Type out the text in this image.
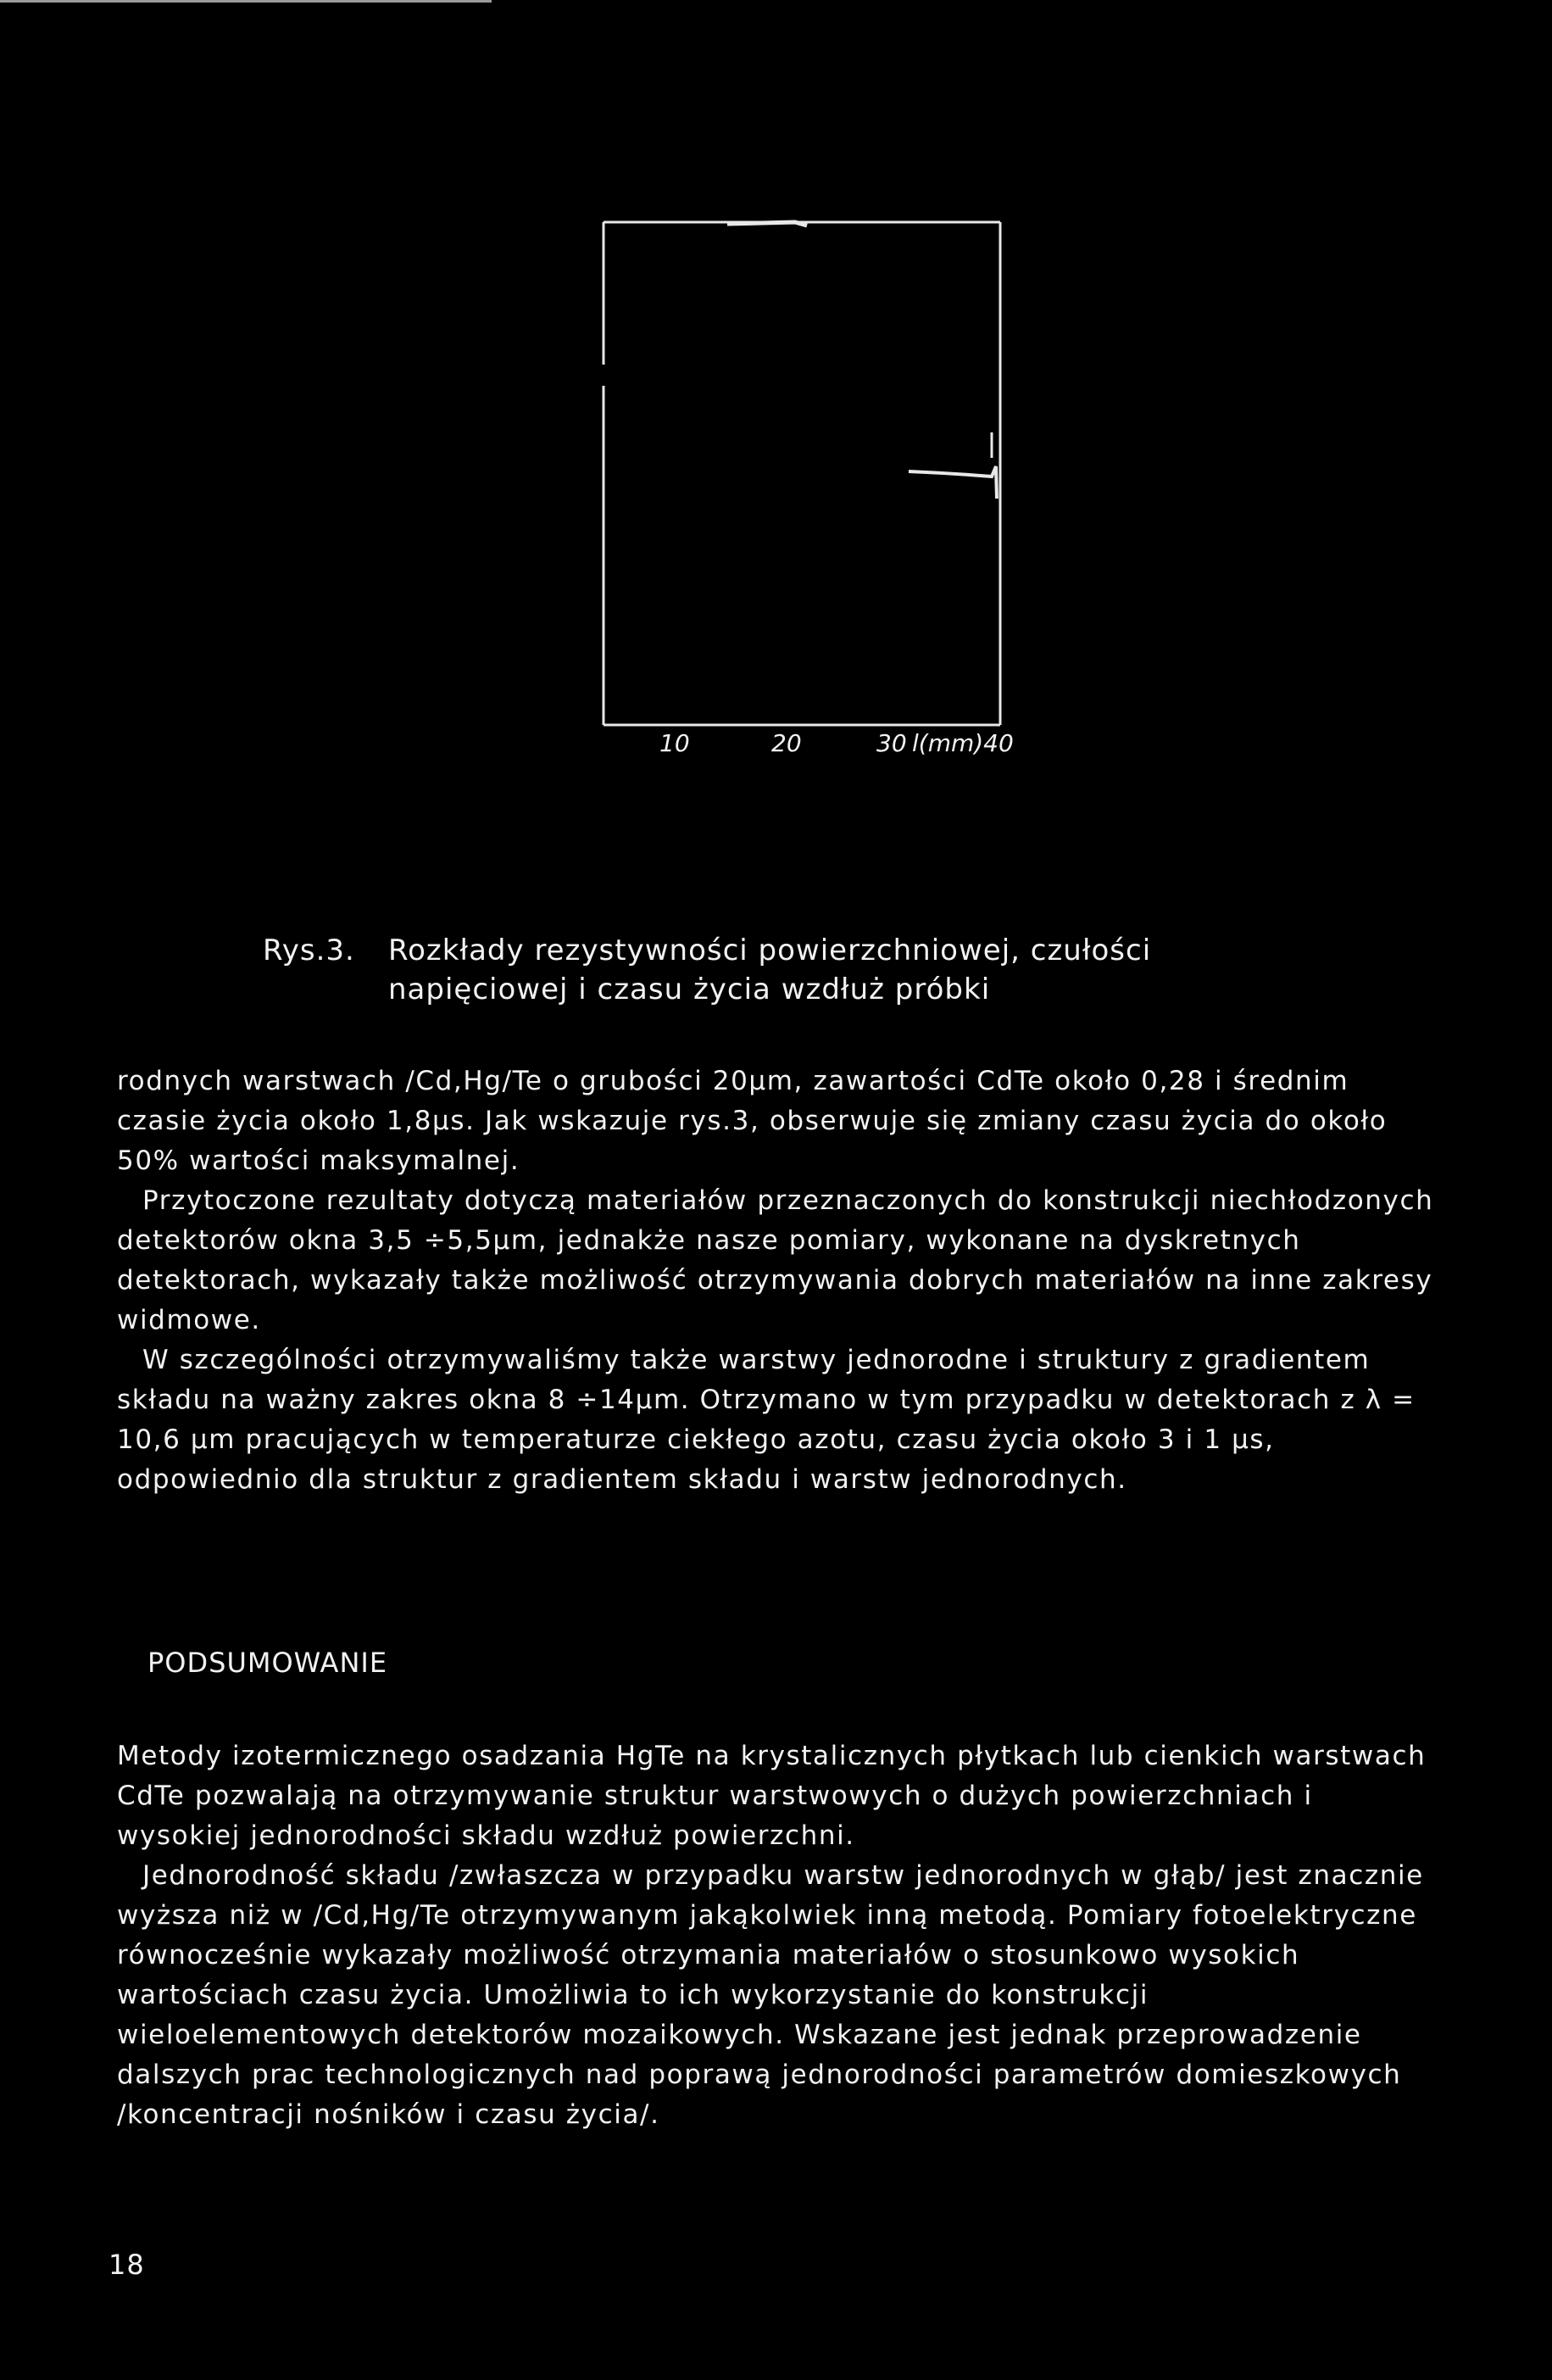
10	20	30 l(mm)40
Rys.3. Rozkłady rezystywności powierzchniowej, czułości
napięciowej i czasu życia wzdłuż próbki

rodnych warstwach /Cd,Hg/Te o grubości 20μm, zawartości CdTe około 0,28 i średnim czasie życia około 1,8μs. Jak wskazuje rys.3, obserwuje się zmiany czasu życia do około 50% wartości maksymalnej.

Przytoczone rezultaty dotyczą materiałów przeznaczonych do konstrukcji niechłodzonych detektorów okna 3,5 ÷5,5μm, jednakże nasze pomiary, wykonane na dyskretnych detektorach, wykazały także możliwość otrzymywania dobrych materiałów na inne zakresy widmowe.

W szczególności otrzymywaliśmy także warstwy jednorodne i struktury z gradientem składu na ważny zakres okna 8 ÷14μm. Otrzymano w tym przypadku w detektorach z λ = 10,6 μm pracujących w temperaturze ciekłego azotu, czasu życia około 3 i 1 μs, odpowiednio dla struktur z gradientem składu i warstw jednorodnych.

PODSUMOWANIE

Metody izotermicznego osadzania HgTe na krystalicznych płytkach lub cienkich warstwach CdTe pozwalają na otrzymywanie struktur warstwowych o dużych powierzchniach i wysokiej jednorodności składu wzdłuż powierzchni.

Jednorodność składu /zwłaszcza w przypadku warstw jednorodnych w głąb/ jest znacznie wyższa niż w /Cd,Hg/Te otrzymywanym jakąkolwiek inną metodą. Pomiary fotoelektryczne równocześnie wykazały możliwość otrzymania materiałów o stosunkowo wysokich wartościach czasu życia. Umożliwia to ich wykorzystanie do konstrukcji wieloelementowych detektorów mozaikowych. Wskazane jest jednak przeprowadzenie dalszych prac technologicznych nad poprawą jednorodności parametrów domieszkowych /koncentracji nośników i czasu życia/.

18
